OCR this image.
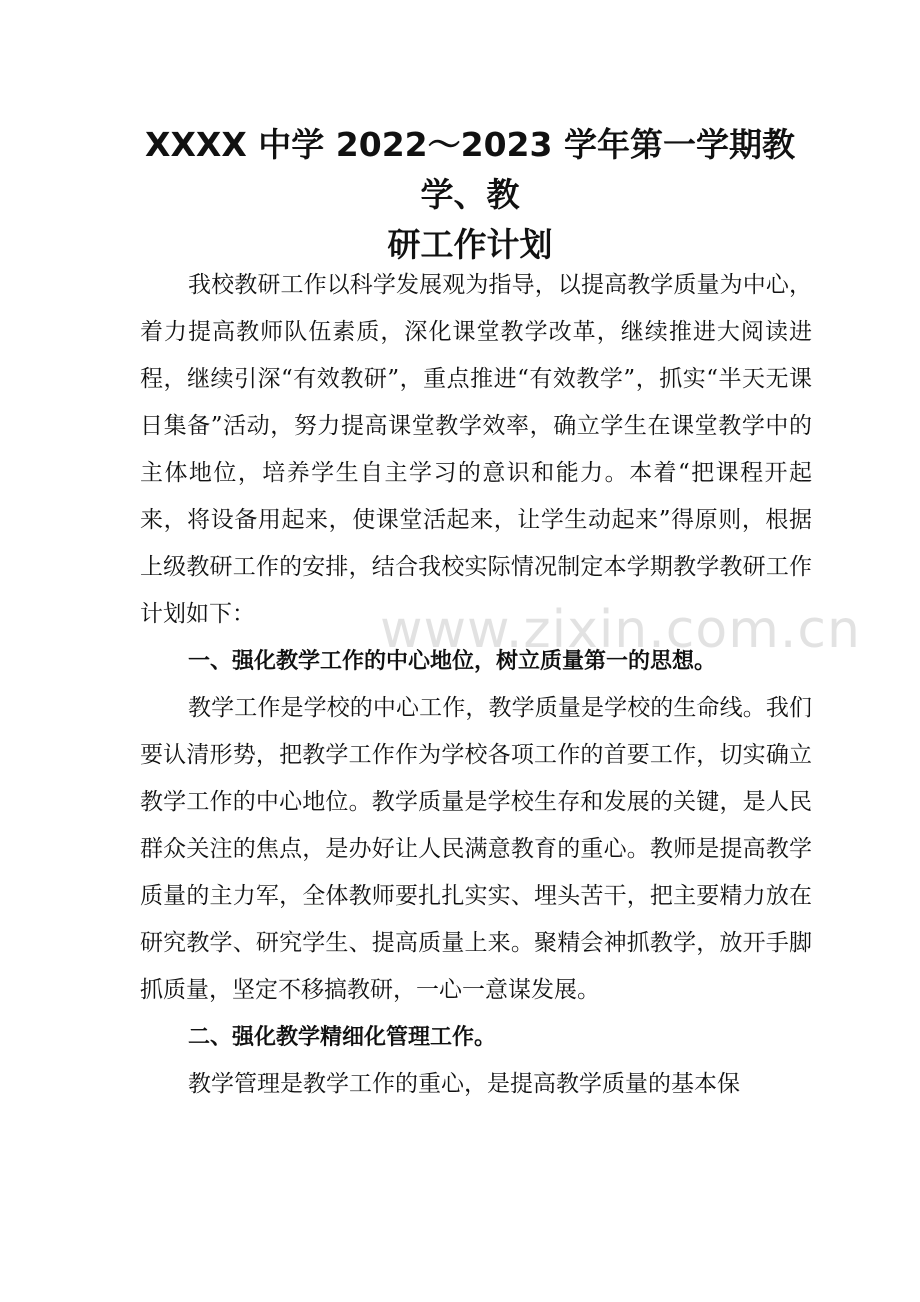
XXXX 中学 2022～2023 学年第一学期教学、教
研工作计划

我校教研工作以科学发展观为指导，以提高教学质量为中心，着力提高教师队伍素质，深化课堂教学改革，继续推进大阅读进程，继续引深“有效教研”，重点推进“有效教学”，抓实“半天无课日集备”活动，努力提高课堂教学效率，确立学生在课堂教学中的主体地位，培养学生自主学习的意识和能力。本着“把课程开起来，将设备用起来，使课堂活起来，让学生动起来”得原则，根据上级教研工作的安排，结合我校实际情况制定本学期教学教研工作计划如下：

一、强化教学工作的中心地位，树立质量第一的思想。

教学工作是学校的中心工作，教学质量是学校的生命线。我们要认清形势，把教学工作作为学校各项工作的首要工作，切实确立教学工作的中心地位。教学质量是学校生存和发展的关键，是人民群众关注的焦点，是办好让人民满意教育的重心。教师是提高教学质量的主力军，全体教师要扎扎实实、埋头苦干，把主要精力放在研究教学、研究学生、提高质量上来。聚精会神抓教学，放开手脚抓质量，坚定不移搞教研，一心一意谋发展。

二、强化教学精细化管理工作。

教学管理是教学工作的重心，是提高教学质量的基本保

www.zixin.com.cn
